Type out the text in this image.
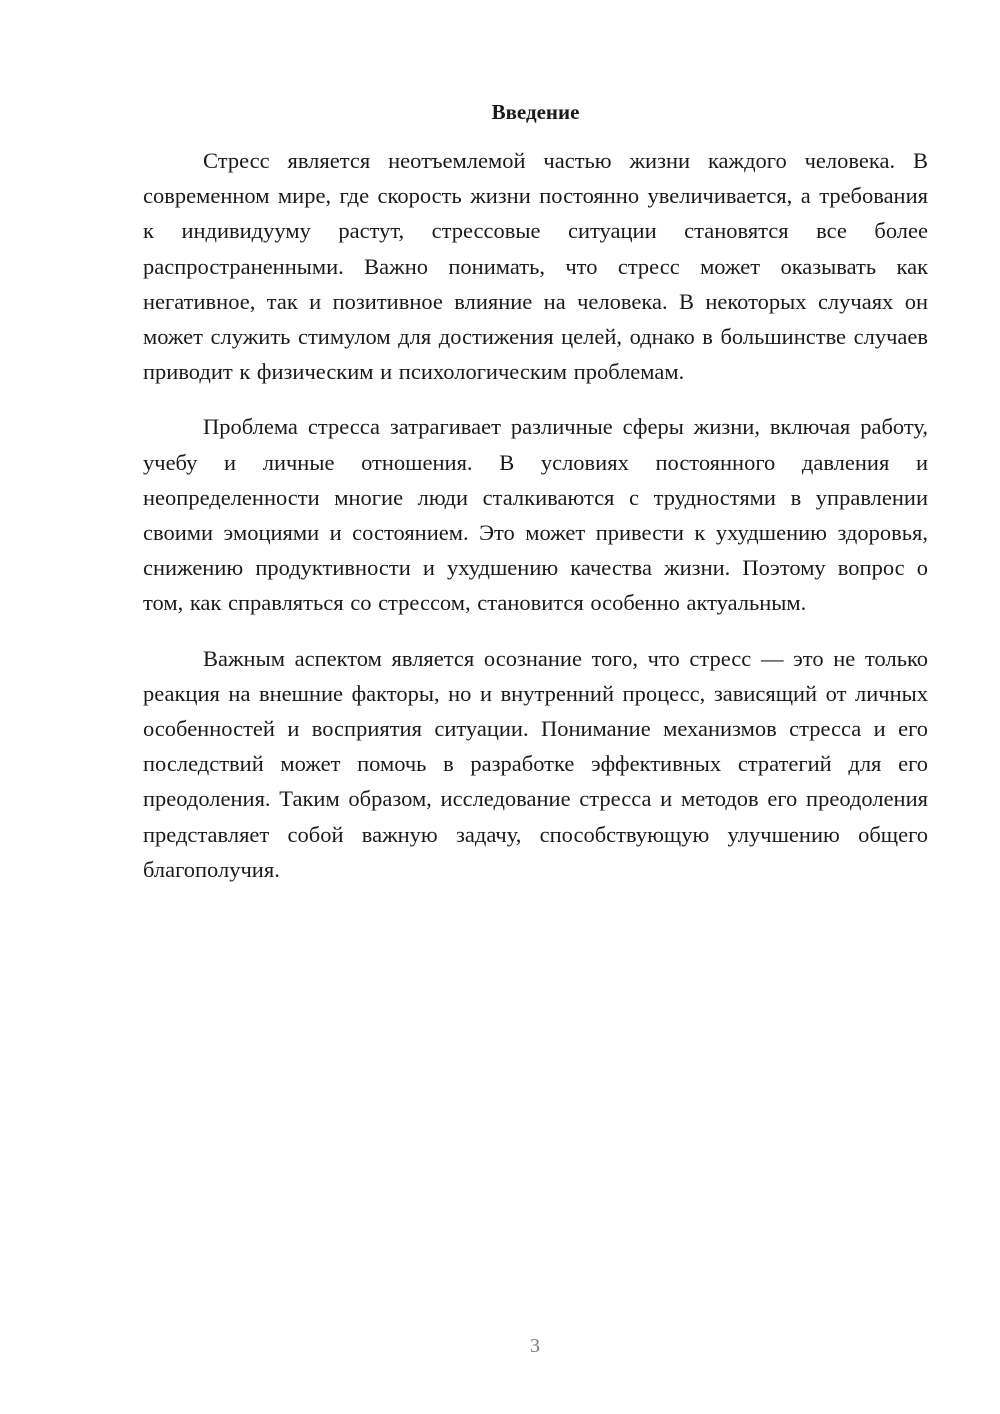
Введение

Стресс является неотъемлемой частью жизни каждого человека. В современном мире, где скорость жизни постоянно увеличивается, а требования к индивидууму растут, стрессовые ситуации становятся все более распространенными. Важно понимать, что стресс может оказывать как негативное, так и позитивное влияние на человека. В некоторых случаях он может служить стимулом для достижения целей, однако в большинстве случаев приводит к физическим и психологическим проблемам.

Проблема стресса затрагивает различные сферы жизни, включая работу, учебу и личные отношения. В условиях постоянного давления и неопределенности многие люди сталкиваются с трудностями в управлении своими эмоциями и состоянием. Это может привести к ухудшению здоровья, снижению продуктивности и ухудшению качества жизни. Поэтому вопрос о том, как справляться со стрессом, становится особенно актуальным.

Важным аспектом является осознание того, что стресс — это не только реакция на внешние факторы, но и внутренний процесс, зависящий от личных особенностей и восприятия ситуации. Понимание механизмов стресса и его последствий может помочь в разработке эффективных стратегий для его преодоления. Таким образом, исследование стресса и методов его преодоления представляет собой важную задачу, способствующую улучшению общего благополучия.

3
